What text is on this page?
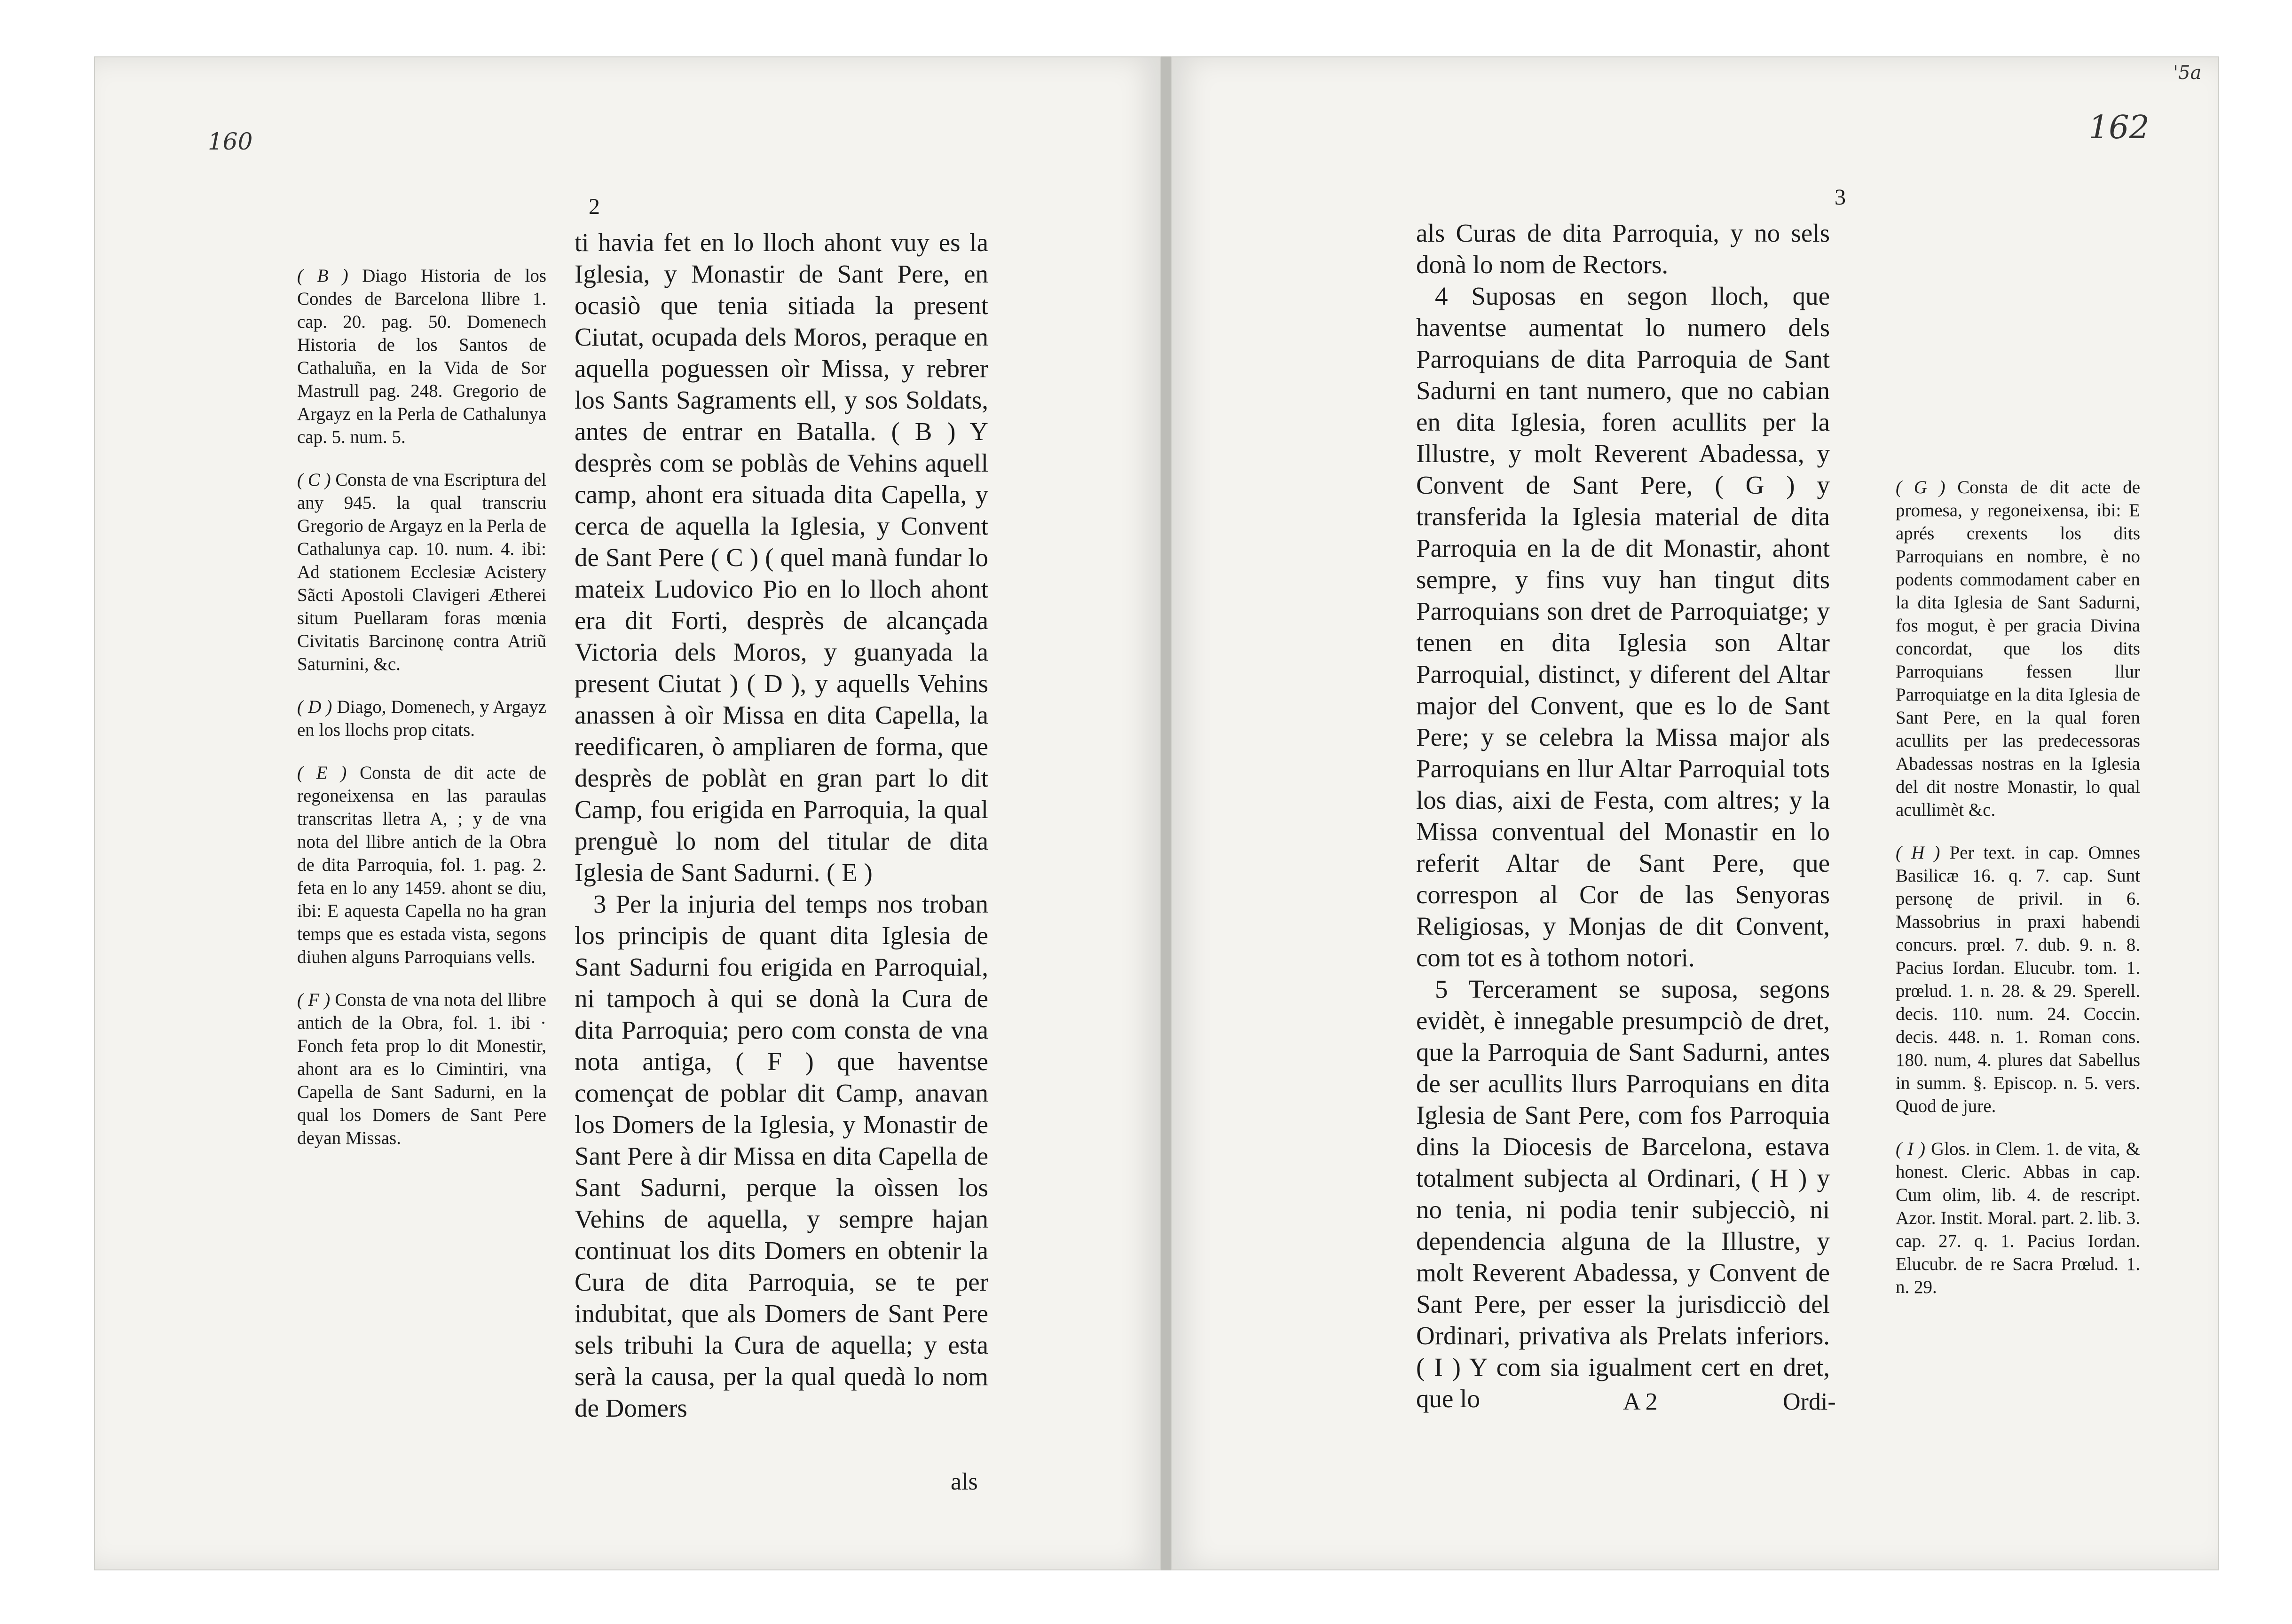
160
2

( B ) Diago Historia de los Condes de Barcelona llibre 1. cap. 20. pag. 50. Domenech Historia de los Santos de Cathaluña, en la Vida de Sor Mastrull pag. 248. Gregorio de Argayz en la Perla de Cathalunya cap. 5. num. 5.

( C ) Consta de vna Escriptura del any 945. la qual transcriu Gregorio de Argayz en la Perla de Cathalunya cap. 10. num. 4. ibi: Ad stationem Ecclesiæ Acistery Sãcti Apostoli Clavigeri Ætherei situm Puellaram foras mœnia Civitatis Barcinonę contra Atriũ Saturnini, &c.

( D ) Diago, Domenech, y Argayz en los llochs prop citats.

( E ) Consta de dit acte de regoneixensa en las paraulas transcritas lletra A, ; y de vna nota del llibre antich de la Obra de dita Parroquia, fol. 1. pag. 2. feta en lo any 1459. ahont se diu, ibi: E aquesta Capella no ha gran temps que es estada vista, segons diuhen alguns Parroquians vells.

( F ) Consta de vna nota del llibre antich de la Obra, fol. 1. ibi · Fonch feta prop lo dit Monestir, ahont ara es lo Cimintiri, vna Capella de Sant Sadurni, en la qual los Domers de Sant Pere deyan Missas.

ti havia fet en lo lloch ahont vuy es la Iglesia, y Monastir de Sant Pere, en ocasiò que tenia sitiada la present Ciutat, ocupada dels Moros, peraque en aquella poguessen oìr Missa, y rebrer los Sants Sagraments ell, y sos Soldats, antes de entrar en Batalla. ( B ) Y desprès com se poblàs de Vehins aquell camp, ahont era situada dita Capella, y cerca de aquella la Iglesia, y Convent de Sant Pere ( C ) ( quel manà fundar lo mateix Ludovico Pio en lo lloch ahont era dit Forti, desprès de alcançada Victoria dels Moros, y guanyada la present Ciutat ) ( D ), y aquells Vehins anassen à oìr Missa en dita Capella, la reedificaren, ò ampliaren de forma, que desprès de poblàt en gran part lo dit Camp, fou erigida en Parroquia, la qual prenguè lo nom del titular de dita Iglesia de Sant Sadurni. ( E )

3 Per la injuria del temps nos troban los principis de quant dita Iglesia de Sant Sadurni fou erigida en Parroquial, ni tampoch à qui se donà la Cura de dita Parroquia; pero com consta de vna nota antiga, ( F ) que haventse començat de poblar dit Camp, anavan los Domers de la Iglesia, y Monastir de Sant Pere à dir Missa en dita Capella de Sant Sadurni, perque la oìssen los Vehins de aquella, y sempre hajan continuat los dits Domers en obtenir la Cura de dita Parroquia, se te per indubitat, que als Domers de Sant Pere sels tribuhi la Cura de aquella; y esta serà la causa, per la qual quedà lo nom de Domers

als
162
'5a
3

als Curas de dita Parroquia, y no sels donà lo nom de Rectors.

4 Suposas en segon lloch, que haventse aumentat lo numero dels Parroquians de dita Parroquia de Sant Sadurni en tant numero, que no cabian en dita Iglesia, foren acullits per la Illustre, y molt Reverent Abadessa, y Convent de Sant Pere, ( G ) y transferida la Iglesia material de dita Parroquia en la de dit Monastir, ahont sempre, y fins vuy han tingut dits Parroquians son dret de Parroquiatge; y tenen en dita Iglesia son Altar Parroquial, distinct, y diferent del Altar major del Convent, que es lo de Sant Pere; y se celebra la Missa major als Parroquians en llur Altar Parroquial tots los dias, aixi de Festa, com altres; y la Missa conventual del Monastir en lo referit Altar de Sant Pere, que correspon al Cor de las Senyoras Religiosas, y Monjas de dit Convent, com tot es à tothom notori.

5 Tercerament se suposa, segons evidèt, è innegable presumpciò de dret, que la Parroquia de Sant Sadurni, antes de ser acullits llurs Parroquians en dita Iglesia de Sant Pere, com fos Parroquia dins la Diocesis de Barcelona, estava totalment subjecta al Ordinari, ( H ) y no tenia, ni podia tenir subjecciò, ni dependencia alguna de la Illustre, y molt Reverent Abadessa, y Convent de Sant Pere, per esser la jurisdicciò del Ordinari, privativa als Prelats inferiors. ( I ) Y com sia igualment cert en dret, que lo

( G ) Consta de dit acte de promesa, y regoneixensa, ibi: E aprés crexents los dits Parroquians en nombre, è no podents commodament caber en la dita Iglesia de Sant Sadurni, fos mogut, è per gracia Divina concordat, que los dits Parroquians fessen llur Parroquiatge en la dita Iglesia de Sant Pere, en la qual foren acullits per las predecessoras Abadessas nostras en la Iglesia del dit nostre Monastir, lo qual acullimèt &c.

( H ) Per text. in cap. Omnes Basilicæ 16. q. 7. cap. Sunt personę de privil. in 6. Massobrius in praxi habendi concurs. prœl. 7. dub. 9. n. 8. Pacius Iordan. Elucubr. tom. 1. prœlud. 1. n. 28. & 29. Sperell. decis. 110. num. 24. Coccin. decis. 448. n. 1. Roman cons. 180. num, 4. plures dat Sabellus in summ. §. Episcop. n. 5. vers. Quod de jure.

( I ) Glos. in Clem. 1. de vita, & honest. Cleric. Abbas in cap. Cum olim, lib. 4. de rescript. Azor. Instit. Moral. part. 2. lib. 3. cap. 27. q. 1. Pacius Iordan. Elucubr. de re Sacra Prœlud. 1. n. 29.

A 2	Ordi-
